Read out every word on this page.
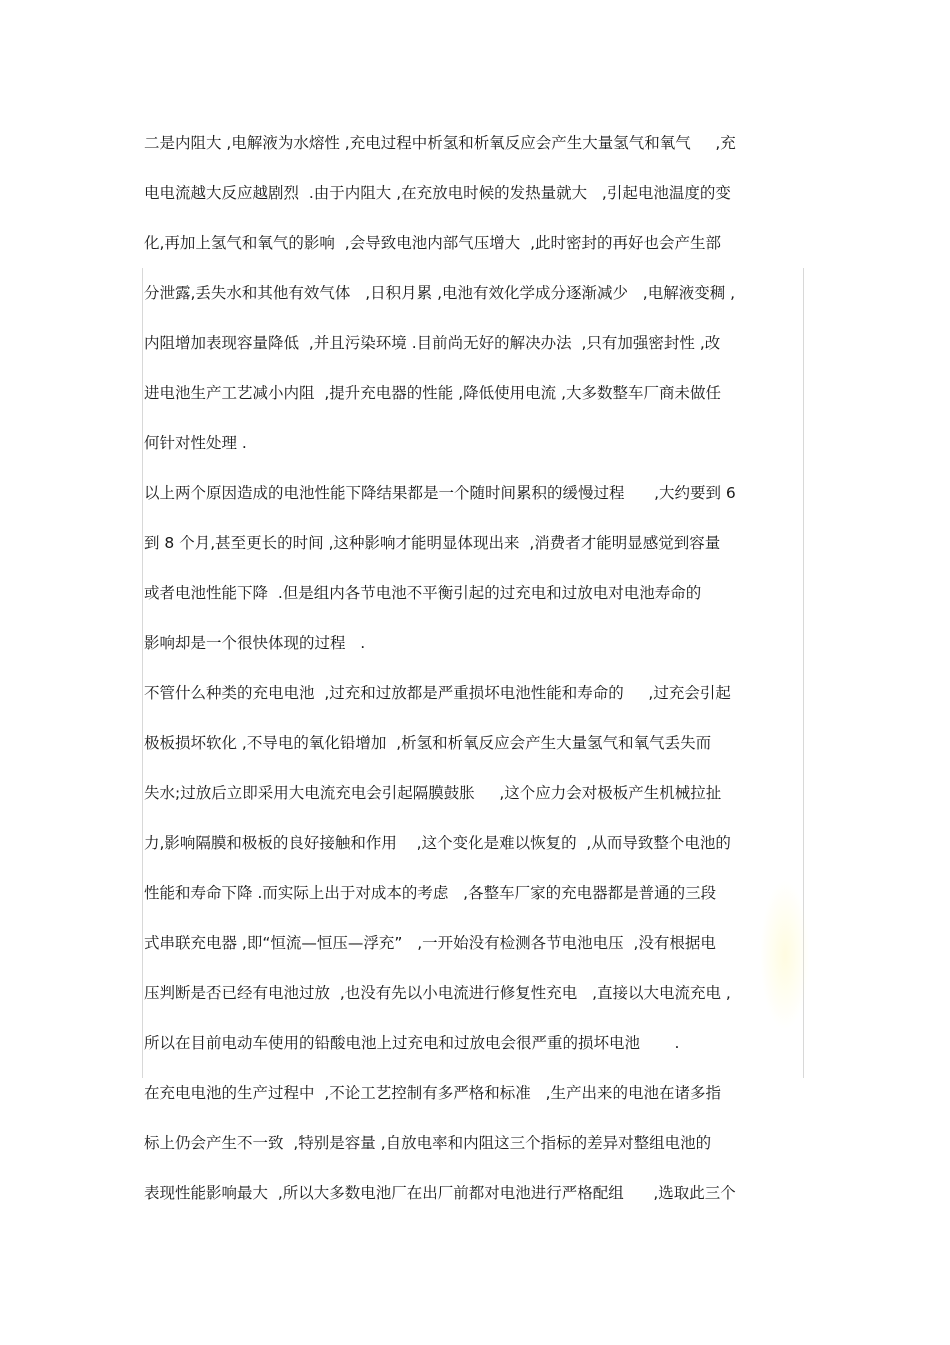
二是内阻大 ,电解液为水熔性 ,充电过程中析氢和析氧反应会产生大量氢气和氧气     ,充
电电流越大反应越剧烈  .由于内阻大 ,在充放电时候的发热量就大   ,引起电池温度的变
化,再加上氢气和氧气的影响  ,会导致电池内部气压增大  ,此时密封的再好也会产生部
分泄露,丢失水和其他有效气体   ,日积月累 ,电池有效化学成分逐渐减少   ,电解液变稠 ,
内阻增加表现容量降低  ,并且污染环境 .目前尚无好的解决办法  ,只有加强密封性 ,改
进电池生产工艺减小内阻  ,提升充电器的性能 ,降低使用电流 ,大多数整车厂商未做任
何针对性处理 .
以上两个原因造成的电池性能下降结果都是一个随时间累积的缓慢过程      ,大约要到 6
到 8 个月,甚至更长的时间 ,这种影响才能明显体现出来  ,消费者才能明显感觉到容量
或者电池性能下降  .但是组内各节电池不平衡引起的过充电和过放电对电池寿命的
影响却是一个很快体现的过程   .
不管什么种类的充电电池  ,过充和过放都是严重损坏电池性能和寿命的     ,过充会引起
极板损坏软化 ,不导电的氧化铅增加  ,析氢和析氧反应会产生大量氢气和氧气丢失而
失水;过放后立即采用大电流充电会引起隔膜鼓胀     ,这个应力会对极板产生机械拉扯
力,影响隔膜和极板的良好接触和作用    ,这个变化是难以恢复的  ,从而导致整个电池的
性能和寿命下降 .而实际上出于对成本的考虑   ,各整车厂家的充电器都是普通的三段
式串联充电器 ,即“恒流—恒压—浮充”   ,一开始没有检测各节电池电压  ,没有根据电
压判断是否已经有电池过放  ,也没有先以小电流进行修复性充电   ,直接以大电流充电 ,
所以在目前电动车使用的铅酸电池上过充电和过放电会很严重的损坏电池       .
在充电电池的生产过程中  ,不论工艺控制有多严格和标准   ,生产出来的电池在诸多指
标上仍会产生不一致  ,特别是容量 ,自放电率和内阻这三个指标的差异对整组电池的
表现性能影响最大  ,所以大多数电池厂在出厂前都对电池进行严格配组      ,选取此三个
